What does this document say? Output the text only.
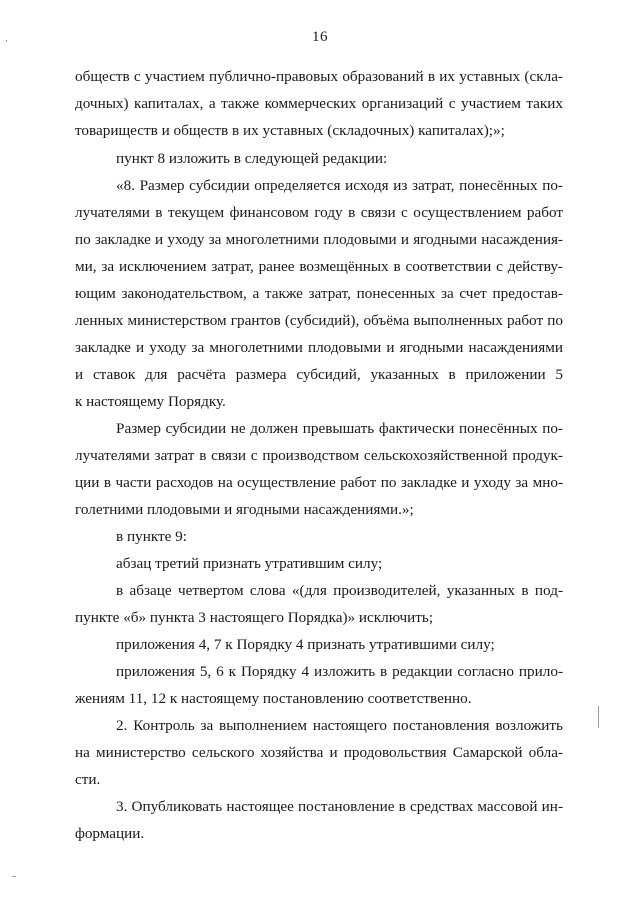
16
обществ с участием публично-правовых образований в их уставных (скла-
дочных) капиталах, а также коммерческих организаций с участием таких
товариществ и обществ в их уставных (складочных) капиталах);»;
пункт 8 изложить в следующей редакции:
«8. Размер субсидии определяется исходя из затрат, понесённых по-
лучателями в текущем финансовом году в связи с осуществлением работ
по закладке и уходу за многолетними плодовыми и ягодными насаждения-
ми, за исключением затрат, ранее возмещённых в соответствии с действу-
ющим законодательством, а также затрат, понесенных за счет предостав-
ленных министерством грантов (субсидий), объёма выполненных работ по
закладке и уходу за многолетними плодовыми и ягодными насаждениями
и ставок для расчёта размера субсидий, указанных в приложении 5
к настоящему Порядку.
Размер субсидии не должен превышать фактически понесённых по-
лучателями затрат в связи с производством сельскохозяйственной продук-
ции в части расходов на осуществление работ по закладке и уходу за мно-
голетними плодовыми и ягодными насаждениями.»;
в пункте 9:
абзац третий признать утратившим силу;
в абзаце четвертом слова «(для производителей, указанных в под-
пункте «б» пункта 3 настоящего Порядка)» исключить;
приложения 4, 7 к Порядку 4 признать утратившими силу;
приложения 5, 6 к Порядку 4 изложить в редакции согласно прило-
жениям 11, 12 к настоящему постановлению соответственно.
2. Контроль за выполнением настоящего постановления возложить
на министерство сельского хозяйства и продовольствия Самарской обла-
сти.
3. Опубликовать настоящее постановление в средствах массовой ин-
формации.
